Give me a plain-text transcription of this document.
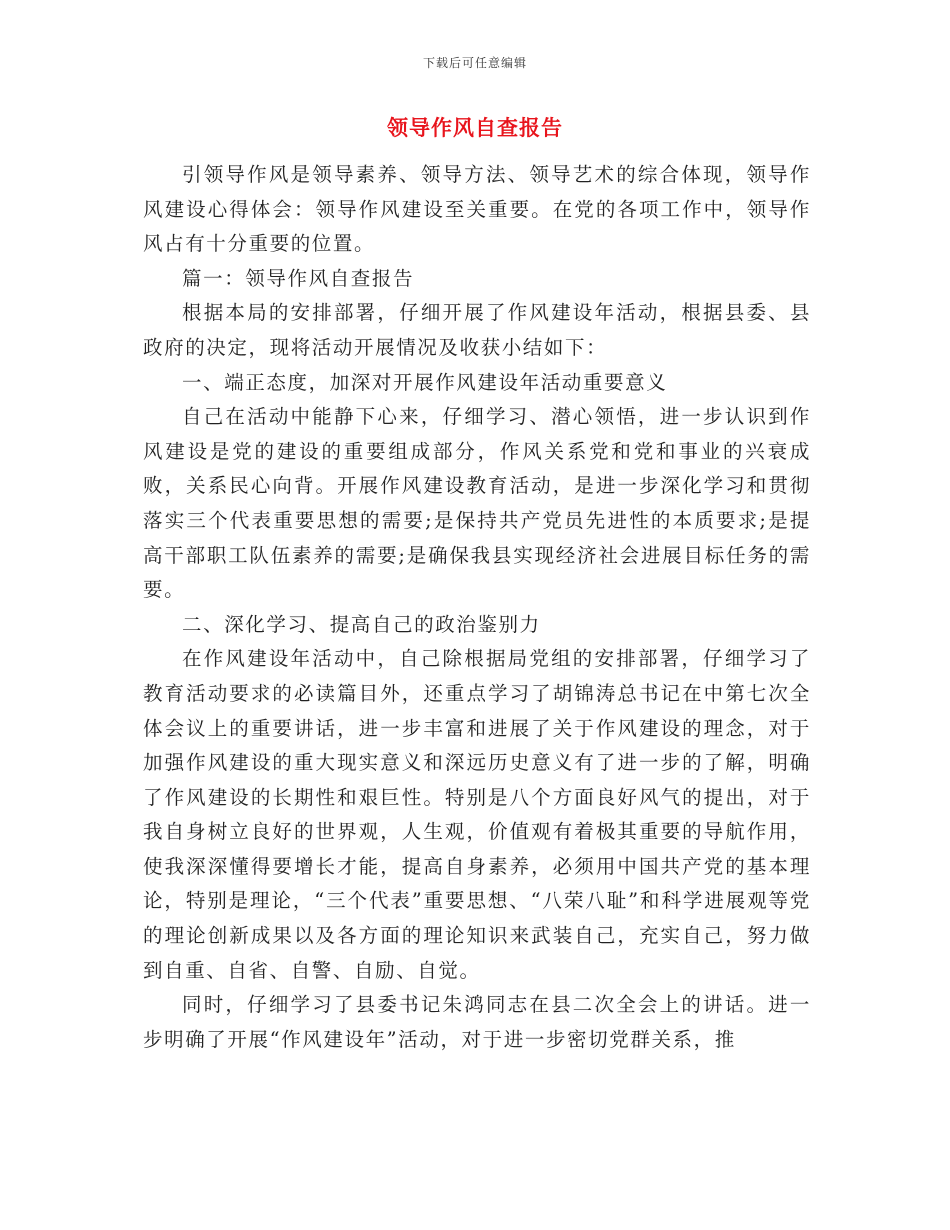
下载后可任意编辑
领导作风自查报告

引领导作风是领导素养、领导方法、领导艺术的综合体现，领导作风建设心得体会：领导作风建设至关重要。在党的各项工作中，领导作风占有十分重要的位置。

篇一：领导作风自查报告

根据本局的安排部署，仔细开展了作风建设年活动，根据县委、县政府的决定，现将活动开展情况及收获小结如下：

一、端正态度，加深对开展作风建设年活动重要意义

自己在活动中能静下心来，仔细学习、潜心领悟，进一步认识到作风建设是党的建设的重要组成部分，作风关系党和党和事业的兴衰成败，关系民心向背。开展作风建设教育活动，是进一步深化学习和贯彻落实三个代表重要思想的需要;是保持共产党员先进性的本质要求;是提高干部职工队伍素养的需要;是确保我县实现经济社会进展目标任务的需要。

二、深化学习、提高自己的政治鉴别力

在作风建设年活动中，自己除根据局党组的安排部署，仔细学习了教育活动要求的必读篇目外，还重点学习了胡锦涛总书记在中第七次全体会议上的重要讲话，进一步丰富和进展了关于作风建设的理念，对于加强作风建设的重大现实意义和深远历史意义有了进一步的了解，明确了作风建设的长期性和艰巨性。特别是八个方面良好风气的提出，对于我自身树立良好的世界观，人生观，价值观有着极其重要的导航作用，使我深深懂得要增长才能，提高自身素养，必须用中国共产党的基本理论，特别是理论，“三个代表”重要思想、“八荣八耻”和科学进展观等党的理论创新成果以及各方面的理论知识来武装自己，充实自己，努力做到自重、自省、自警、自励、自觉。

同时，仔细学习了县委书记朱鸿同志在县二次全会上的讲话。进一步明确了开展“作风建设年”活动，对于进一步密切党群关系，推
